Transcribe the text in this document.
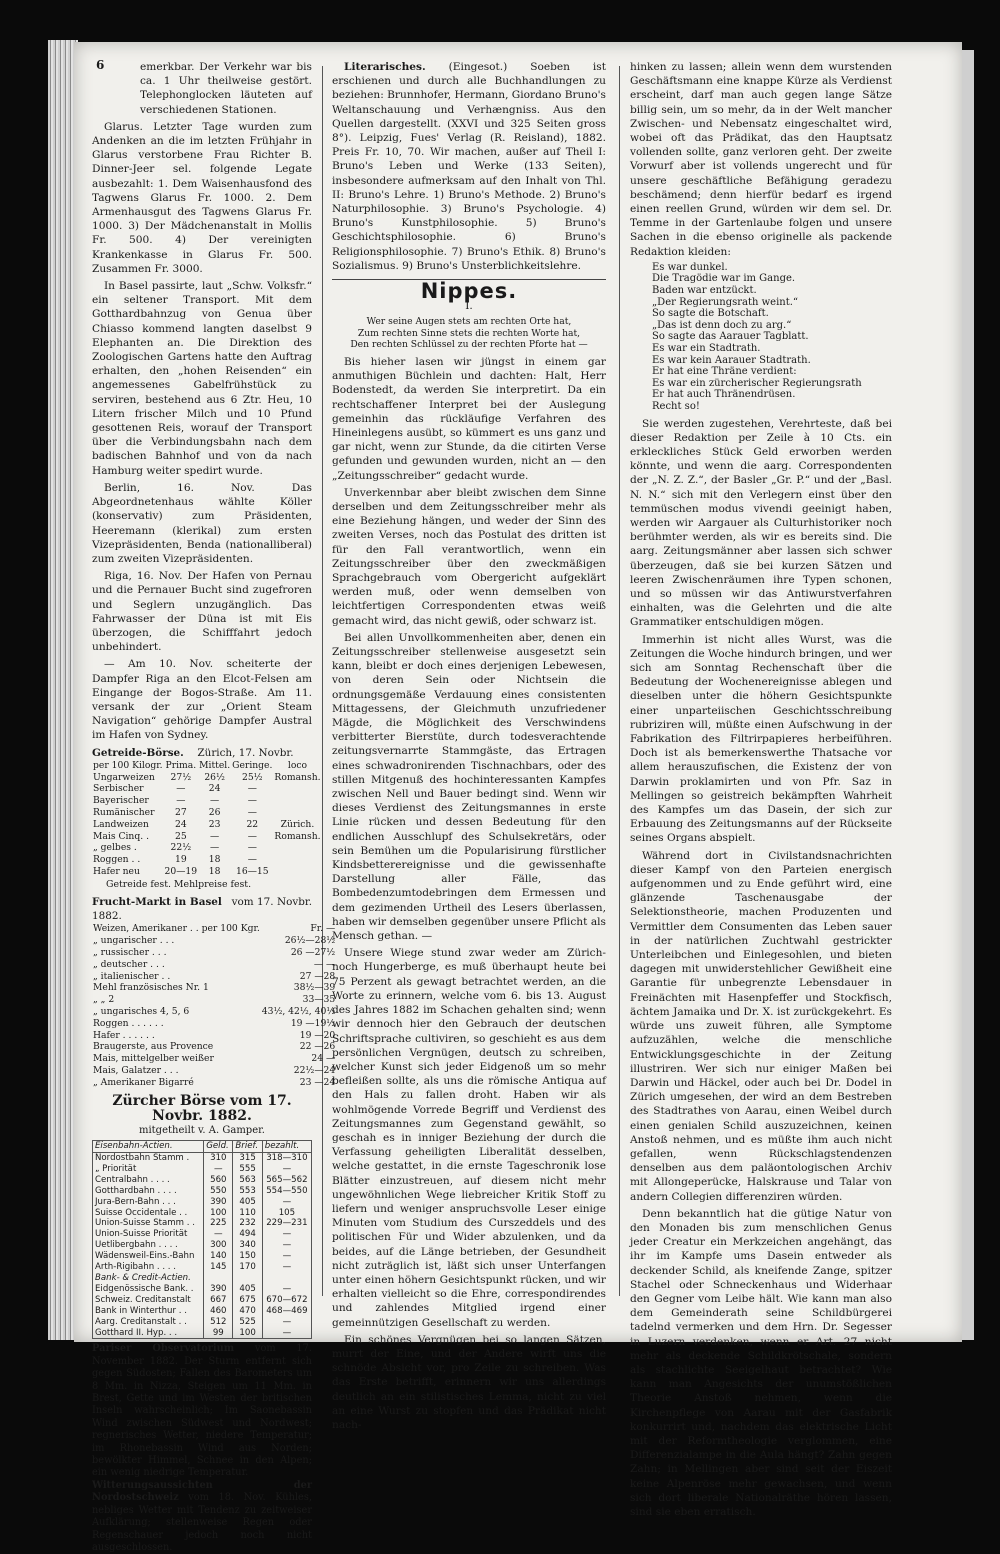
6	emerkbar. Der Verkehr war bis ca. 1 Uhr theilweise gestört. Telephonglocken läuteten auf verschiedenen Stationen.

Glarus. Letzter Tage wurden zum Andenken an die im letzten Frühjahr in Glarus verstorbene Frau Richter B. Dinner-Jeer sel. folgende Legate ausbezahlt: 1. Dem Waisenhausfond des Tagwens Glarus Fr. 1000. 2. Dem Armenhausgut des Tagwens Glarus Fr. 1000. 3) Der Mädchenanstalt in Mollis Fr. 500. 4) Der vereinigten Krankenkasse in Glarus Fr. 500. Zusammen Fr. 3000.

In Basel passirte, laut „Schw. Volksfr.“ ein seltener Transport. Mit dem Gotthardbahnzug von Genua über Chiasso kommend langten daselbst 9 Elephanten an. Die Direktion des Zoologischen Gartens hatte den Auftrag erhalten, den „hohen Reisenden“ ein angemessenes Gabelfrühstück zu serviren, bestehend aus 6 Ztr. Heu, 10 Litern frischer Milch und 10 Pfund gesottenen Reis, worauf der Transport über die Verbindungsbahn nach dem badischen Bahnhof und von da nach Hamburg weiter spedirt wurde.

Berlin, 16. Nov. Das Abgeordnetenhaus wählte Köller (konservativ) zum Präsidenten, Heeremann (klerikal) zum ersten Vizepräsidenten, Benda (nationalliberal) zum zweiten Vizepräsidenten.

Riga, 16. Nov. Der Hafen von Pernau und die Pernauer Bucht sind zugefroren und Seglern unzugänglich. Das Fahrwasser der Düna ist mit Eis überzogen, die Schifffahrt jedoch unbehindert.

— Am 10. Nov. scheiterte der Dampfer Riga an den Elcot-Felsen am Eingange der Bogos-Straße. Am 11. versank der zur „Orient Steam Navigation“ gehörige Dampfer Austral im Hafen von Sydney.

Getreide-Börse. Zürich, 17. Novbr.
per 100 Kilogr.	Prima.	Mittel.	Geringe.	loco
Ungarweizen	27½	26½	25½	Romansh.
Serbischer	—	24	—	
Bayerischer	—	—	—	
Rumänischer	27	26	—	
Landweizen	24	23	22	Zürich.
Mais Cinq. .	25	—	—	Romansh.
„ gelbes .	22½	—	—	
Roggen . .	19	18	—	
Hafer neu	20—19	18	16—15	
Getreide fest. Mehlpreise fest.
Frucht-Markt in Basel vom 17. Novbr. 1882.
Weizen, Amerikaner . . per 100 Kgr.	Fr. —
„ ungarischer . . .	26½—28½
„ russischer . . .	26 —27½
„ deutscher . . .	— —
„ italienischer . .	27 —28
Mehl französisches Nr. 1	38½—39
„ „ 2	33—35
„ ungarisches 4, 5, 6	43½, 42½, 40½
Roggen . . . . . .	19 —19½
Hafer . . . . . .	19 —20
Braugerste, aus Provence	22 —26
Mais, mittelgelber weißer	24 —
Mais, Galatzer . . .	22½—24
„ Amerikaner Bigarré	23 —24
Zürcher Börse vom 17. Novbr. 1882.
mitgetheilt v. A. Gamper.
Eisenbahn-Actien.	Geld.	Brief.	bezahlt.
Nordostbahn Stamm .	310	315	318—310
„ Priorität	—	555	—
Centralbahn . . . .	560	563	565—562
Gotthardbahn . . . .	550	553	554—550
Jura-Bern-Bahn . . .	390	405	—
Suisse Occidentale . .	100	110	105
Union-Suisse Stamm . .	225	232	229—231
Union-Suisse Priorität	—	494	—
Uetlibergbahn . . . .	300	340	—
Wädensweil-Eins.-Bahn	140	150	—
Arth-Rigibahn . . . .	145	170	—
Bank- & Credit-Actien.			
Eidgenössische Bank. .	390	405	—
Schweiz. Creditanstalt	667	675	670—672
Bank in Winterthur . .	460	470	468—469
Aarg. Creditanstalt . .	512	525	—
Gotthard II. Hyp. . .	99	100	—
Pariser Observatorium vom 17. November 1882. Der Sturm entfernt sich gegen Südosten; Fallen des Barometers um 8 Mm. in Nizza, Steigen um 11 Mm. in Brest, Gette und im Westen der britischen Inseln wahrscheinlich; Im Saonebassin Wind zwischen Südwest und Nordwest; regnerisches Wetter, niedere Temperatur; im Rhonebassin Wind aus Norden; bewölkter Himmel, Schnee in den Alpen; ein wenig niedrige Temperatur.
Witterungsaussichten der Nordostschweiz vom 18. Nov. Kühles, nebliges Wetter mit Tendenz zu zeitweiser Aufklärung; stellenweise Regen oder Regenschauer jedoch noch nicht ausgeschlossen.

Literarisches. (Eingesot.) Soeben ist erschienen und durch alle Buchhandlungen zu beziehen: Brunnhofer, Hermann, Giordano Bruno's Weltanschauung und Verhængniss. Aus den Quellen dargestellt. (XXVI und 325 Seiten gross 8°). Leipzig, Fues' Verlag (R. Reisland), 1882. Preis Fr. 10, 70. Wir machen, außer auf Theil I: Bruno's Leben und Werke (133 Seiten), insbesondere aufmerksam auf den Inhalt von Thl. II: Bruno's Lehre. 1) Bruno's Methode. 2) Bruno's Naturphilosophie. 3) Bruno's Psychologie. 4) Bruno's Kunstphilosophie. 5) Bruno's Geschichtsphilosophie. 6) Bruno's Religionsphilosophie. 7) Bruno's Ethik. 8) Bruno's Sozialismus. 9) Bruno's Unsterblichkeitslehre.

Nippes.
I.
Wer seine Augen stets am rechten Orte hat,
Zum rechten Sinne stets die rechten Worte hat,
Den rechten Schlüssel zu der rechten Pforte hat —

Bis hieher lasen wir jüngst in einem gar anmuthigen Büchlein und dachten: Halt, Herr Bodenstedt, da werden Sie interpretirt. Da ein rechtschaffener Interpret bei der Auslegung gemeinhin das rückläufige Verfahren des Hineinlegens ausübt, so kümmert es uns ganz und gar nicht, wenn zur Stunde, da die citirten Verse gefunden und gewunden wurden, nicht an — den „Zeitungsschreiber“ gedacht wurde.

Unverkennbar aber bleibt zwischen dem Sinne derselben und dem Zeitungsschreiber mehr als eine Beziehung hängen, und weder der Sinn des zweiten Verses, noch das Postulat des dritten ist für den Fall verantwortlich, wenn ein Zeitungsschreiber über den zweckmäßigen Sprachgebrauch vom Obergericht aufgeklärt werden muß, oder wenn demselben von leichtfertigen Correspondenten etwas weiß gemacht wird, das nicht gewiß, oder schwarz ist.

Bei allen Unvollkommenheiten aber, denen ein Zeitungsschreiber stellenweise ausgesetzt sein kann, bleibt er doch eines derjenigen Lebewesen, von deren Sein oder Nichtsein die ordnungsgemäße Verdauung eines consistenten Mittagessens, der Gleichmuth unzufriedener Mägde, die Möglichkeit des Verschwindens verbitterter Bierstüte, durch todesverachtende zeitungsvernarrte Stammgäste, das Ertragen eines schwadronirenden Tischnachbars, oder des stillen Mitgenuß des hochinteressanten Kampfes zwischen Nell und Bauer bedingt sind. Wenn wir dieses Verdienst des Zeitungsmannes in erste Linie rücken und dessen Bedeutung für den endlichen Ausschlupf des Schulsekretärs, oder sein Bemühen um die Popularisirung fürstlicher Kindsbetterereignisse und die gewissenhafte Darstellung aller Fälle, das Bombedenzumtodebringen dem Ermessen und dem gezimenden Urtheil des Lesers überlassen, haben wir demselben gegenüber unsere Pflicht als Mensch gethan. —

Unsere Wiege stund zwar weder am Zürich-noch Hungerberge, es muß überhaupt heute bei 75 Perzent als gewagt betrachtet werden, an die Worte zu erinnern, welche vom 6. bis 13. August des Jahres 1882 im Schachen gehalten sind; wenn wir dennoch hier den Gebrauch der deutschen Schriftsprache cultiviren, so geschieht es aus dem persönlichen Vergnügen, deutsch zu schreiben, welcher Kunst sich jeder Eidgenoß um so mehr befleißen sollte, als uns die römische Antiqua auf den Hals zu fallen droht. Haben wir als wohlmögende Vorrede Begriff und Verdienst des Zeitungsmannes zum Gegenstand gewählt, so geschah es in inniger Beziehung der durch die Verfassung geheiligten Liberalität desselben, welche gestattet, in die ernste Tageschronik lose Blätter einzustreuen, auf diesem nicht mehr ungewöhnlichen Wege liebreicher Kritik Stoff zu liefern und weniger anspruchsvolle Leser einige Minuten vom Studium des Curszeddels und des politischen Für und Wider abzulenken, und da beides, auf die Länge betrieben, der Gesundheit nicht zuträglich ist, läßt sich unser Unterfangen unter einen höhern Gesichtspunkt rücken, und wir erhalten vielleicht so die Ehre, correspondirendes und zahlendes Mitglied irgend einer gemeinnützigen Gesellschaft zu werden.

Ein schönes Vergnügen bei so langen Sätzen, murrt der Eine, und der Andere wirft uns die schnöde Absicht vor, pro Zeile zu schreiben. Was das Erste betrifft, erinnern wir uns allerdings deutlich an ein stilistisches Lemma, nicht zu viel an eine Wurst zu stopfen und das Prädikat nicht nach-

hinken zu lassen; allein wenn dem wurstenden Geschäftsmann eine knappe Kürze als Verdienst erscheint, darf man auch gegen lange Sätze billig sein, um so mehr, da in der Welt mancher Zwischen- und Nebensatz eingeschaltet wird, wobei oft das Prädikat, das den Hauptsatz vollenden sollte, ganz verloren geht. Der zweite Vorwurf aber ist vollends ungerecht und für unsere geschäftliche Befähigung geradezu beschämend; denn hierfür bedarf es irgend einen reellen Grund, würden wir dem sel. Dr. Temme in der Gartenlaube folgen und unsere Sachen in die ebenso originelle als packende Redaktion kleiden:

Es war dunkel.
Die Tragödie war im Gange.
Baden war entzückt.
„Der Regierungsrath weint.“
So sagte die Botschaft.
„Das ist denn doch zu arg.“
So sagte das Aarauer Tagblatt.
Es war ein Stadtrath.
Es war kein Aarauer Stadtrath.
Er hat eine Thräne verdient:
Es war ein zürcherischer Regierungsrath
Er hat auch Thränendrüsen.
Recht so!

Sie werden zugestehen, Verehrteste, daß bei dieser Redaktion per Zeile à 10 Cts. ein erkleckliches Stück Geld erworben werden könnte, und wenn die aarg. Correspondenten der „N. Z. Z.“, der Basler „Gr. P.“ und der „Basl. N. N.“ sich mit den Verlegern einst über den temmüschen modus vivendi geeinigt haben, werden wir Aargauer als Culturhistoriker noch berühmter werden, als wir es bereits sind. Die aarg. Zeitungsmänner aber lassen sich schwer überzeugen, daß sie bei kurzen Sätzen und leeren Zwischenräumen ihre Typen schonen, und so müssen wir das Antiwurstverfahren einhalten, was die Gelehrten und die alte Grammatiker entschuldigen mögen.

Immerhin ist nicht alles Wurst, was die Zeitungen die Woche hindurch bringen, und wer sich am Sonntag Rechenschaft über die Bedeutung der Wochenereignisse ablegen und dieselben unter die höhern Gesichtspunkte einer unparteiischen Geschichtsschreibung rubriziren will, müßte einen Aufschwung in der Fabrikation des Filtrirpapieres herbeiführen. Doch ist als bemerkenswerthe Thatsache vor allem herauszufischen, die Existenz der von Darwin proklamirten und von Pfr. Saz in Mellingen so geistreich bekämpften Wahrheit des Kampfes um das Dasein, der sich zur Erbauung des Zeitungsmanns auf der Rückseite seines Organs abspielt.

Während dort in Civilstandsnachrichten dieser Kampf von den Parteien energisch aufgenommen und zu Ende geführt wird, eine glänzende Taschenausgabe der Selektionstheorie, machen Produzenten und Vermittler dem Consumenten das Leben sauer in der natürlichen Zuchtwahl gestrickter Unterleibchen und Einlegesohlen, und bieten dagegen mit unwiderstehlicher Gewißheit eine Garantie für unbegrenzte Lebensdauer in Freinächten mit Hasenpfeffer und Stockfisch, ächtem Jamaika und Dr. X. ist zurückgekehrt. Es würde uns zuweit führen, alle Symptome aufzuzählen, welche die menschliche Entwicklungsgeschichte in der Zeitung illustriren. Wer sich nur einiger Maßen bei Darwin und Häckel, oder auch bei Dr. Dodel in Zürich umgesehen, der wird an dem Bestreben des Stadtrathes von Aarau, einen Weibel durch einen genialen Schild auszuzeichnen, keinen Anstoß nehmen, und es müßte ihm auch nicht gefallen, wenn Rückschlagstendenzen denselben aus dem paläontologischen Archiv mit Allongeperücke, Halskrause und Talar von andern Collegien differenziren würden.

Denn bekanntlich hat die gütige Natur von den Monaden bis zum menschlichen Genus jeder Creatur ein Merkzeichen angehängt, das ihr im Kampfe ums Dasein entweder als deckender Schild, als kneifende Zange, spitzer Stachel oder Schneckenhaus und Widerhaar den Gegner vom Leibe hält. Wie kann man also dem Gemeinderath seine Schildbürgerei tadelnd vermerken und dem Hrn. Dr. Segesser in Luzern verdenken, wenn er Art. 27 nicht mehr als deckende Schildkrötschale, sondern als stachlichte Seeigelhaut betrachtet? Wie kann man Angesichts der unumstößlichen Theorie Anstoß nehmen, wenn die Kirchenpflege von Aarau mit der Gasfabrik konkurrirt und, nachdem das elektrische Licht mit der Reformtheologie verglommen, eine Differenzialampe in die Aula hängt? Zahn gegen Zahn; in Mellingen aber sind seit der Eiszeit keine Alpenröse mehr gewachsen, und wenn sich dort liberale Nationalräthe hören lassen, sind sie eben erratisch.
